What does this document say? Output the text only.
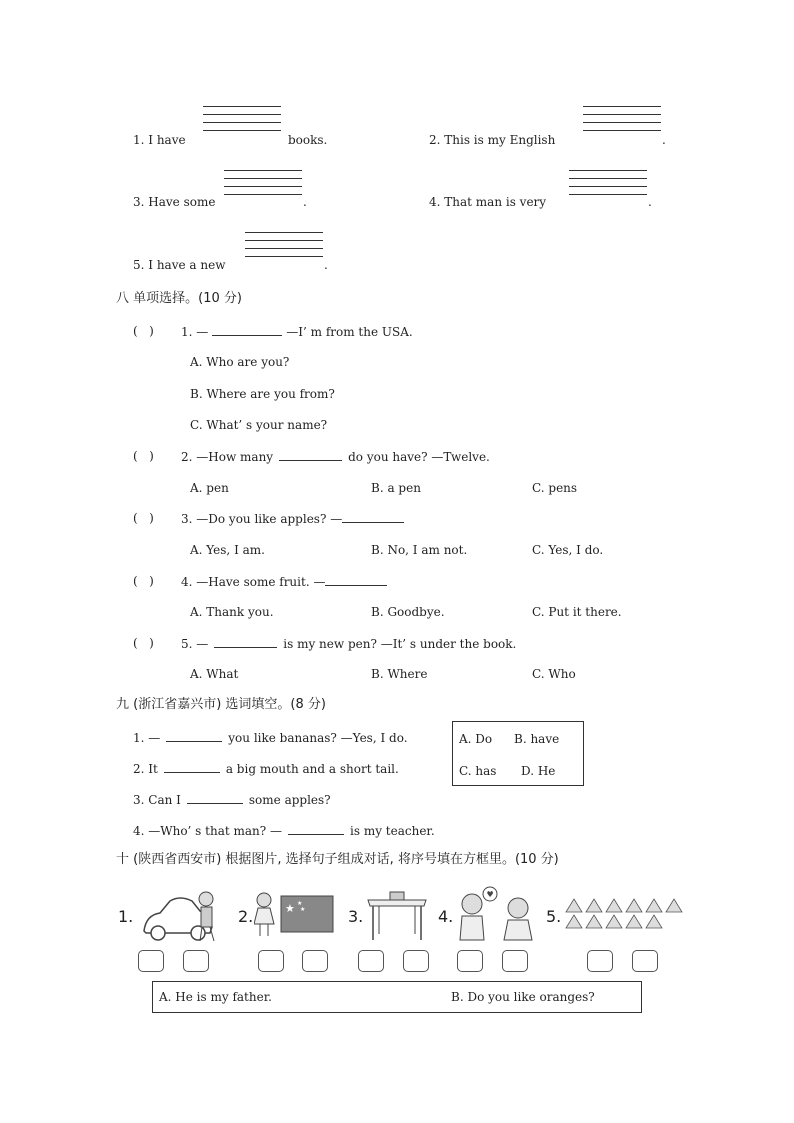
1. I have	books.	2. This is my English	.
3. Have some	.	4. That man is very	.
5. I have a new	.
八 单项选择。(10 分)
(   ) 1. —	—I’ m from the USA.
A. Who are you?
B. Where are you from?
C. What’ s your name?
(   ) 2. —How many	do you have? —Twelve.
A. pen	B. a pen	C. pens
(   ) 3. —Do you like apples? —
A. Yes, I am.	B. No, I am not.	C. Yes, I do.
(   ) 4. —Have some fruit. —
A. Thank you.	B. Goodbye.	C. Put it there.
(   ) 5. —	is my new pen? —It’ s under the book.
A. What	B. Where	C. Who
九 (浙江省嘉兴市) 选词填空。(8 分)
1. —	you like bananas? —Yes, I do.
2. It	a big mouth and a short tail.
3. Can I	some apples?
4. —Who’ s that man? —	is my teacher.
A. Do B. have
C. has D. He
十 (陕西省西安市) 根据图片, 选择句子组成对话, 将序号填在方框里。(10 分)
1.	2.	★ ★
★	3.	4.
♥
5.
A. He is my father.	B. Do you like oranges?
